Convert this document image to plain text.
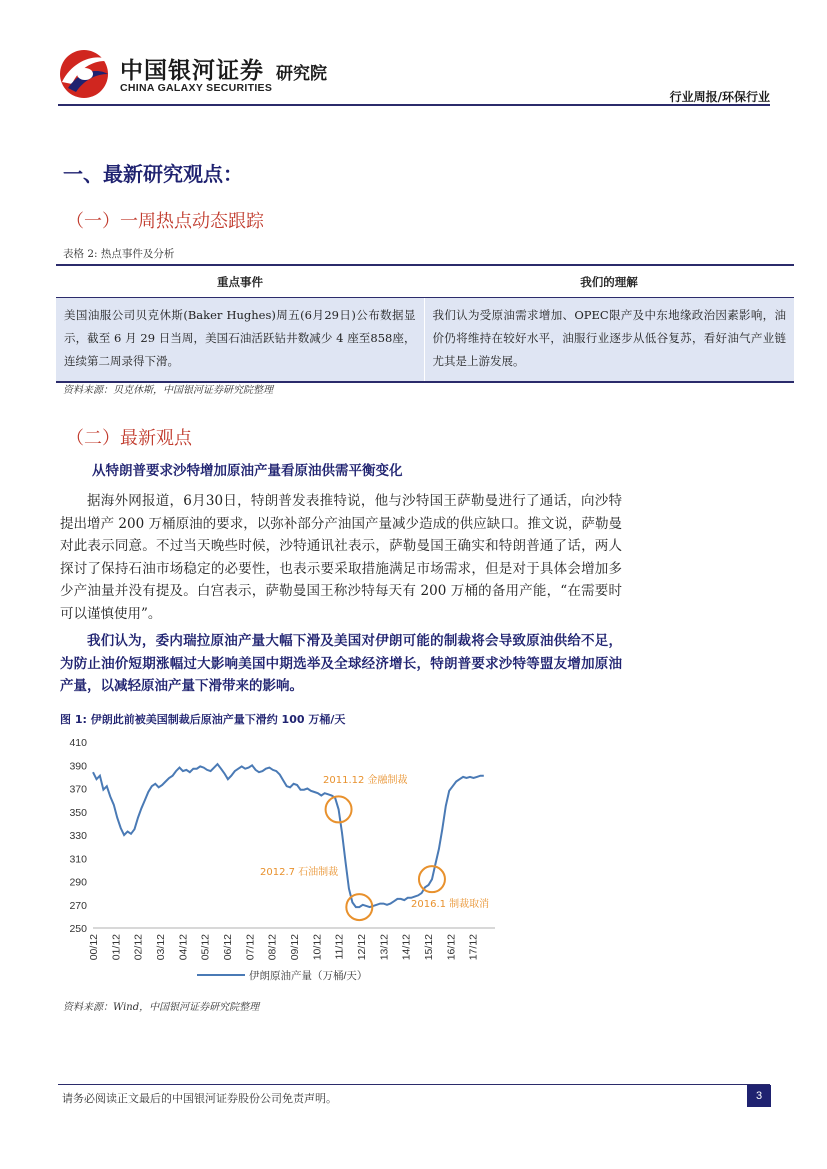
中国银河证券 研究院
CHINA GALAXY SECURITIES
行业周报/环保行业
一、最新研究观点：
（一）一周热点动态跟踪
表格 2: 热点事件及分析
重点事件	我们的理解
美国油服公司贝克休斯(Baker Hughes)周五(6月29日)公布数据显示，截至 6 月 29 日当周，美国石油活跃钻井数减少 4 座至858座，连续第二周录得下滑。	我们认为受原油需求增加、OPEC限产及中东地缘政治因素影响，油价仍将维持在较好水平，油服行业逐步从低谷复苏，看好油气产业链尤其是上游发展。
资料来源：贝克休斯，中国银河证券研究院整理
（二）最新观点
从特朗普要求沙特增加原油产量看原油供需平衡变化
据海外网报道，6月30日，特朗普发表推特说，他与沙特国王萨勒曼进行了通话，向沙特提出增产 200 万桶原油的要求，以弥补部分产油国产量减少造成的供应缺口。推文说，萨勒曼对此表示同意。不过当天晚些时候，沙特通讯社表示，萨勒曼国王确实和特朗普通了话，两人探讨了保持石油市场稳定的必要性，也表示要采取措施满足市场需求，但是对于具体会增加多少产油量并没有提及。白宫表示，萨勒曼国王称沙特每天有 200 万桶的备用产能，“在需要时可以谨慎使用”。
我们认为，委内瑞拉原油产量大幅下滑及美国对伊朗可能的制裁将会导致原油供给不足，为防止油价短期涨幅过大影响美国中期选举及全球经济增长，特朗普要求沙特等盟友增加原油产量，以减轻原油产量下滑带来的影响。
图 1: 伊朗此前被美国制裁后原油产量下滑约 100 万桶/天
410
390
370
350
330
310
290
270
250
00/12 01/12 02/12 03/12 04/12 05/12 06/12 07/12 08/12 09/12 10/12 11/12 12/12 13/12 14/12 15/12 16/12 17/12
2011.12 金融制裁
2012.7 石油制裁
2016.1 制裁取消
伊朗原油产量（万桶/天）
资料来源：Wind，中国银河证券研究院整理
请务必阅读正文最后的中国银河证券股份公司免责声明。	3
